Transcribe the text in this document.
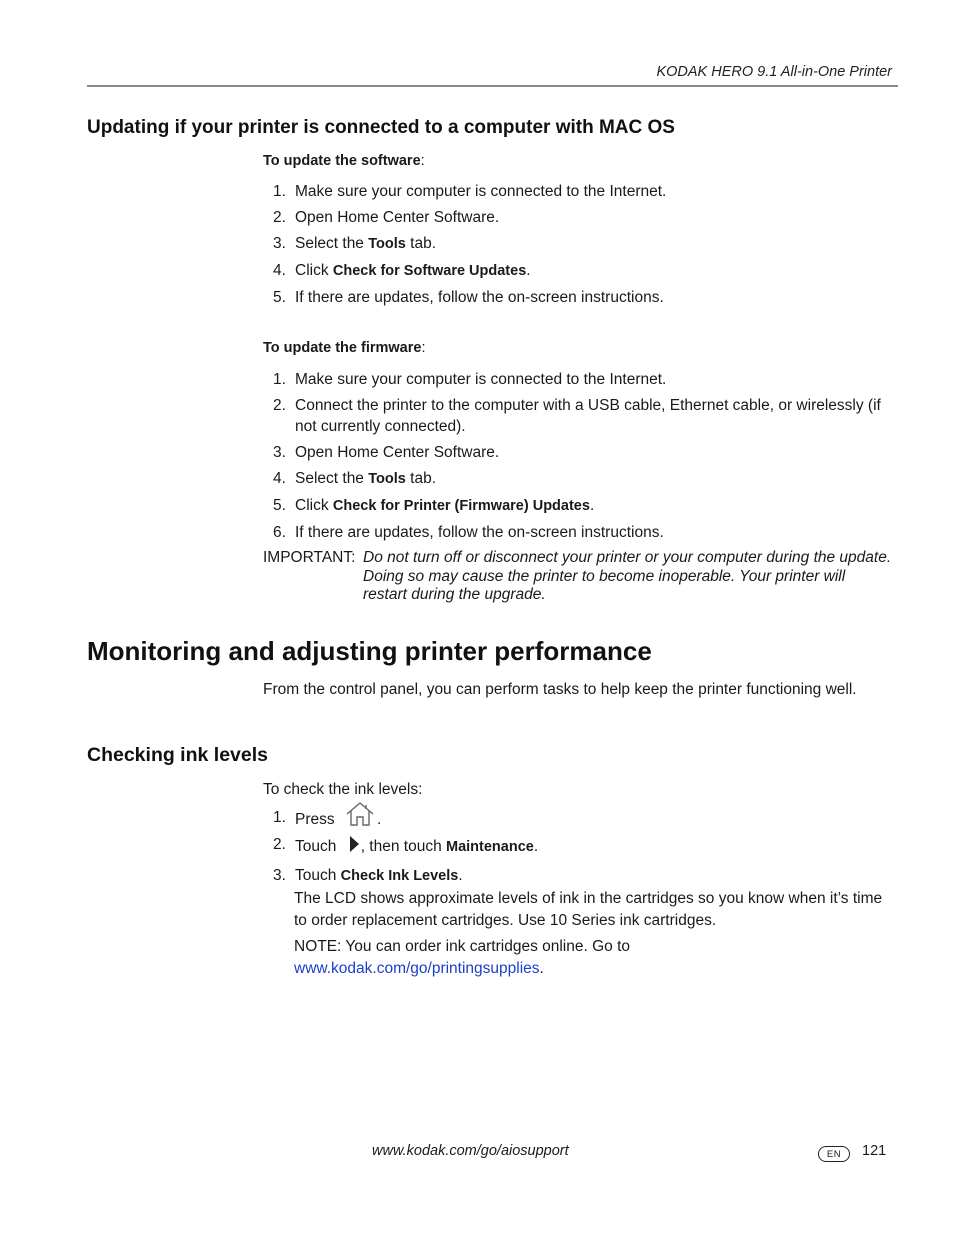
KODAK HERO 9.1 All-in-One Printer
Updating if your printer is connected to a computer with MAC OS
To update the software:
1. Make sure your computer is connected to the Internet.
2. Open Home Center Software.
3. Select the Tools tab.
4. Click Check for Software Updates.
5. If there are updates, follow the on-screen instructions.
To update the firmware:
1. Make sure your computer is connected to the Internet.
2. Connect the printer to the computer with a USB cable, Ethernet cable, or wirelessly (if not currently connected).
3. Open Home Center Software.
4. Select the Tools tab.
5. Click Check for Printer (Firmware) Updates.
6. If there are updates, follow the on-screen instructions.
IMPORTANT: Do not turn off or disconnect your printer or your computer during the update. Doing so may cause the printer to become inoperable. Your printer will restart during the upgrade.
Monitoring and adjusting printer performance
From the control panel, you can perform tasks to help keep the printer functioning well.
Checking ink levels
To check the ink levels:
1. Press	.
2. Touch , then touch Maintenance.
3. Touch Check Ink Levels.
The LCD shows approximate levels of ink in the cartridges so you know when it’s time to order replacement cartridges. Use 10 Series ink cartridges.
NOTE: You can order ink cartridges online. Go to
www.kodak.com/go/printingsupplies.
www.kodak.com/go/aiosupport	EN	121
